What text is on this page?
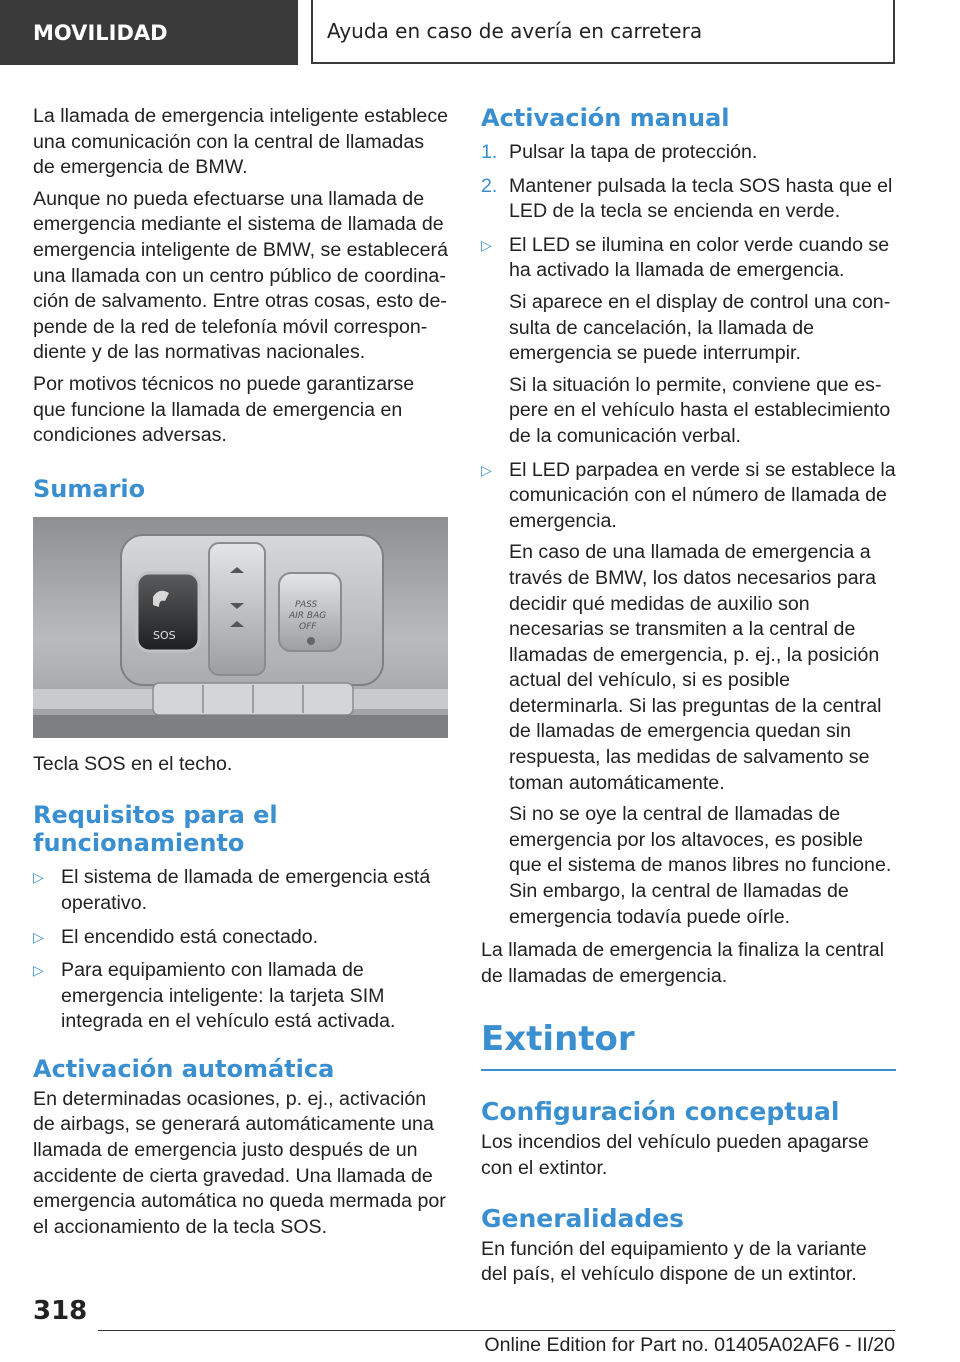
MOVILIDAD	Ayuda en caso de avería en carretera

La llamada de emergencia inteligente establece una comunicación con la central de llamadas de emergencia de BMW.

Aunque no pueda efectuarse una llamada de emergencia mediante el sistema de llamada de emergencia inteligente de BMW, se establecerá una llamada con un centro público de coordinación de salvamento. Entre otras cosas, esto depende de la red de telefonía móvil correspondiente y de las normativas nacionales.

Por motivos técnicos no puede garantizarse que funcione la llamada de emergencia en condiciones adversas.

Sumario
SOS
PASS
AIR BAG
OFF

Tecla SOS en el techo.

Requisitos para el funcionamiento
▷ El sistema de llamada de emergencia está operativo.
▷ El encendido está conectado.
▷ Para equipamiento con llamada de emergencia inteligente: la tarjeta SIM integrada en el vehículo está activada.
Activación automática

En determinadas ocasiones, p. ej., activación de airbags, se generará automáticamente una llamada de emergencia justo después de un accidente de cierta gravedad. Una llamada de emergencia automática no queda mermada por el accionamiento de la tecla SOS.

Activación manual
1. Pulsar la tapa de protección.
2. Mantener pulsada la tecla SOS hasta que el LED de la tecla se encienda en verde.
▷ El LED se ilumina en color verde cuando se ha activado la llamada de emergencia.

Si aparece en el display de control una consulta de cancelación, la llamada de emergencia se puede interrumpir.

Si la situación lo permite, conviene que espere en el vehículo hasta el establecimiento de la comunicación verbal.

▷ El LED parpadea en verde si se establece la comunicación con el número de llamada de emergencia.

En caso de una llamada de emergencia a través de BMW, los datos necesarios para decidir qué medidas de auxilio son necesarias se transmiten a la central de llamadas de emergencia, p. ej., la posición actual del vehículo, si es posible determinarla. Si las preguntas de la central de llamadas de emergencia quedan sin respuesta, las medidas de salvamento se toman automáticamente.

Si no se oye la central de llamadas de emergencia por los altavoces, es posible que el sistema de manos libres no funcione. Sin embargo, la central de llamadas de emergencia todavía puede oírle.

La llamada de emergencia la finaliza la central de llamadas de emergencia.

Extintor
Configuración conceptual

Los incendios del vehículo pueden apagarse con el extintor.

Generalidades

En función del equipamiento y de la variante del país, el vehículo dispone de un extintor.

318
Online Edition for Part no. 01405A02AF6 - II/20
